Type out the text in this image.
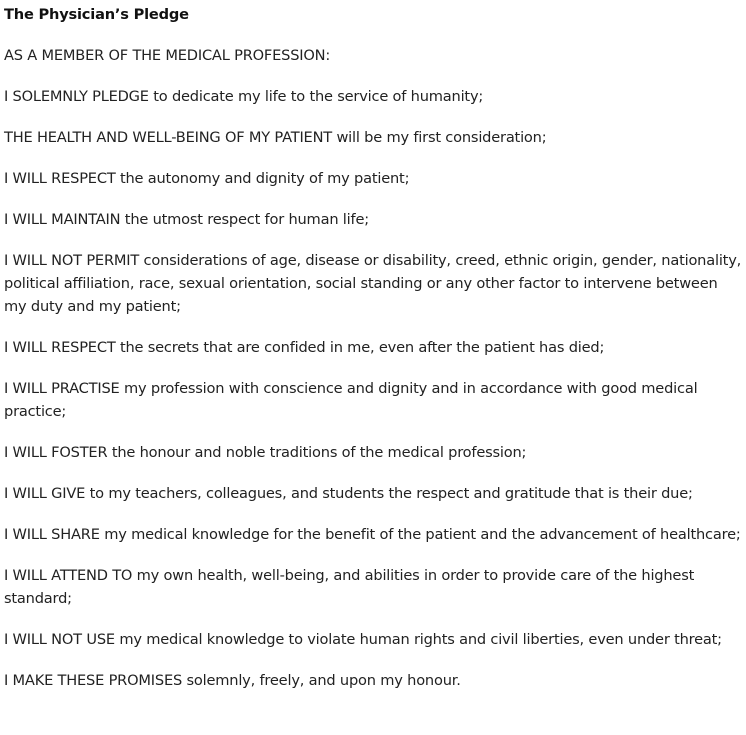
The Physician’s Pledge
AS A MEMBER OF THE MEDICAL PROFESSION:
I SOLEMNLY PLEDGE to dedicate my life to the service of humanity;
THE HEALTH AND WELL-BEING OF MY PATIENT will be my first consideration;
I WILL RESPECT the autonomy and dignity of my patient;
I WILL MAINTAIN the utmost respect for human life;
I WILL NOT PERMIT considerations of age, disease or disability, creed, ethnic origin, gender, nationality, political affiliation, race, sexual orientation, social standing or any other factor to intervene between my duty and my patient;
I WILL RESPECT the secrets that are confided in me, even after the patient has died;
I WILL PRACTISE my profession with conscience and dignity and in accordance with good medical practice;
I WILL FOSTER the honour and noble traditions of the medical profession;
I WILL GIVE to my teachers, colleagues, and students the respect and gratitude that is their due;
I WILL SHARE my medical knowledge for the benefit of the patient and the advancement of healthcare;
I WILL ATTEND TO my own health, well-being, and abilities in order to provide care of the highest standard;
I WILL NOT USE my medical knowledge to violate human rights and civil liberties, even under threat;
I MAKE THESE PROMISES solemnly, freely, and upon my honour.
